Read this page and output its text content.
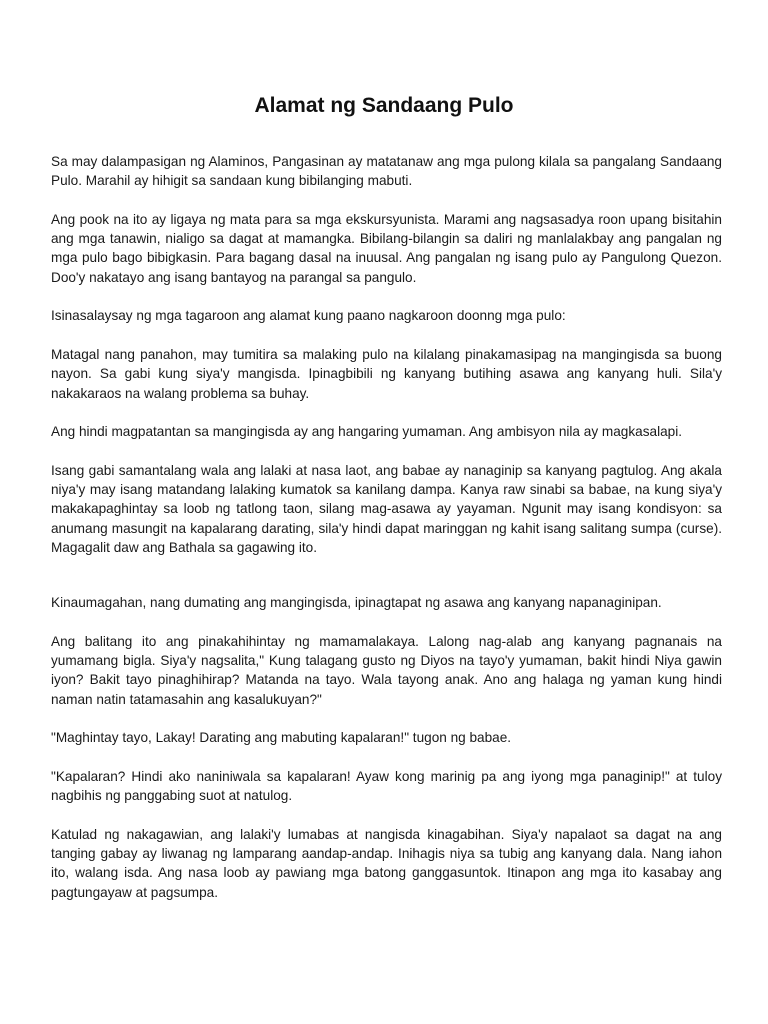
Alamat ng Sandaang Pulo

Sa may dalampasigan ng Alaminos, Pangasinan ay matatanaw ang mga pulong kilala sa pangalang Sandaang Pulo. Marahil ay hihigit sa sandaan kung bibilanging mabuti.

Ang pook na ito ay ligaya ng mata para sa mga ekskursyunista. Marami ang nagsasadya roon upang bisitahin ang mga tanawin, nialigo sa dagat at mamangka. Bibilang-bilangin sa daliri ng manlalakbay ang pangalan ng mga pulo bago bibigkasin. Para bagang dasal na inuusal. Ang pangalan ng isang pulo ay Pangulong Quezon. Doo'y nakatayo ang isang bantayog na parangal sa pangulo.

Isinasalaysay ng mga tagaroon ang alamat kung paano nagkaroon doonng mga pulo:

Matagal nang panahon, may tumitira sa malaking pulo na kilalang pinakamasipag na mangingisda sa buong nayon. Sa gabi kung siya'y mangisda. Ipinagbibili ng kanyang butihing asawa ang kanyang huli. Sila'y nakakaraos na walang problema sa buhay.

Ang hindi magpatantan sa mangingisda ay ang hangaring yumaman. Ang ambisyon nila ay magkasalapi.

Isang gabi samantalang wala ang lalaki at nasa laot, ang babae ay nanaginip sa kanyang pagtulog. Ang akala niya'y may isang matandang lalaking kumatok sa kanilang dampa. Kanya raw sinabi sa babae, na kung siya'y makakapaghintay sa loob ng tatlong taon, silang mag-asawa ay yayaman. Ngunit may isang kondisyon: sa anumang masungit na kapalarang darating, sila'y hindi dapat maringgan ng kahit isang salitang sumpa (curse). Magagalit daw ang Bathala sa gagawing ito.

Kinaumagahan, nang dumating ang mangingisda, ipinagtapat ng asawa ang kanyang napanaginipan.

Ang balitang ito ang pinakahihintay ng mamamalakaya. Lalong nag-alab ang kanyang pagnanais na yumamang bigla. Siya'y nagsalita," Kung talagang gusto ng Diyos na tayo'y yumaman, bakit hindi Niya gawin iyon? Bakit tayo pinaghihirap? Matanda na tayo. Wala tayong anak. Ano ang halaga ng yaman kung hindi naman natin tatamasahin ang kasalukuyan?"

"Maghintay tayo, Lakay! Darating ang mabuting kapalaran!" tugon ng babae.

"Kapalaran? Hindi ako naniniwala sa kapalaran! Ayaw kong marinig pa ang iyong mga panaginip!" at tuloy nagbihis ng panggabing suot at natulog.

Katulad ng nakagawian, ang lalaki'y lumabas at nangisda kinagabihan. Siya'y napalaot sa dagat na ang tanging gabay ay liwanag ng lamparang aandap-andap. Inihagis niya sa tubig ang kanyang dala. Nang iahon ito, walang isda. Ang nasa loob ay pawiang mga batong ganggasuntok. Itinapon ang mga ito kasabay ang pagtungayaw at pagsumpa.
